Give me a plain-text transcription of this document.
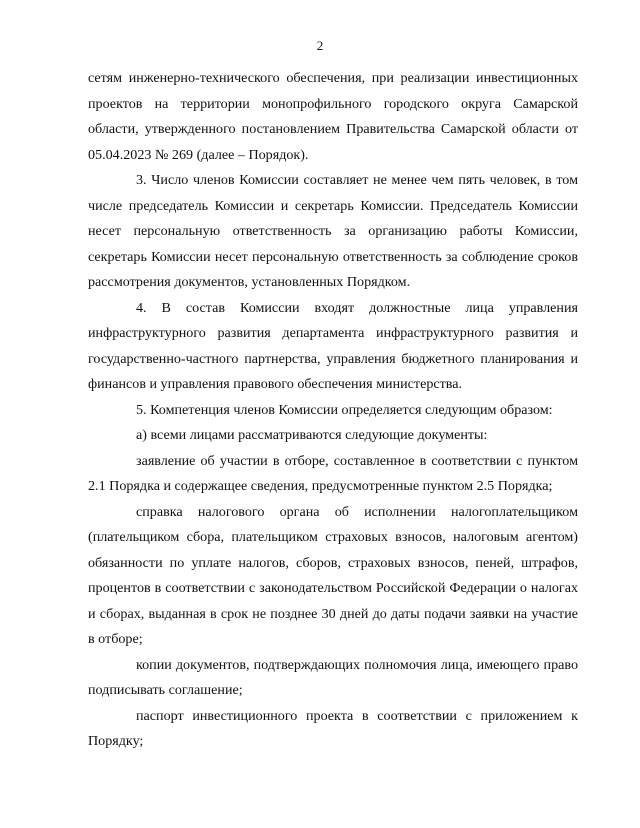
2

сетям инженерно-технического обеспечения, при реализации инвестиционных проектов на территории монопрофильного городского округа Самарской области, утвержденного постановлением Правительства Самарской области от 05.04.2023 № 269 (далее – Порядок).

3. Число членов Комиссии составляет не менее чем пять человек, в том числе председатель Комиссии и секретарь Комиссии. Председатель Комиссии несет персональную ответственность за организацию работы Комиссии, секретарь Комиссии несет персональную ответственность за соблюдение сроков рассмотрения документов, установленных Порядком.

4. В состав Комиссии входят должностные лица управления инфраструктурного развития департамента инфраструктурного развития и государственно-частного партнерства, управления бюджетного планирования и финансов и управления правового обеспечения министерства.

5. Компетенция членов Комиссии определяется следующим образом:

а) всеми лицами рассматриваются следующие документы:

заявление об участии в отборе, составленное в соответствии с пунктом 2.1 Порядка и содержащее сведения, предусмотренные пунктом 2.5 Порядка;

справка налогового органа об исполнении налогоплательщиком (плательщиком сбора, плательщиком страховых взносов, налоговым агентом) обязанности по уплате налогов, сборов, страховых взносов, пеней, штрафов, процентов в соответствии с законодательством Российской Федерации о налогах и сборах, выданная в срок не позднее 30 дней до даты подачи заявки на участие в отборе;

копии документов, подтверждающих полномочия лица, имеющего право подписывать соглашение;

паспорт инвестиционного проекта в соответствии с приложением к Порядку;
